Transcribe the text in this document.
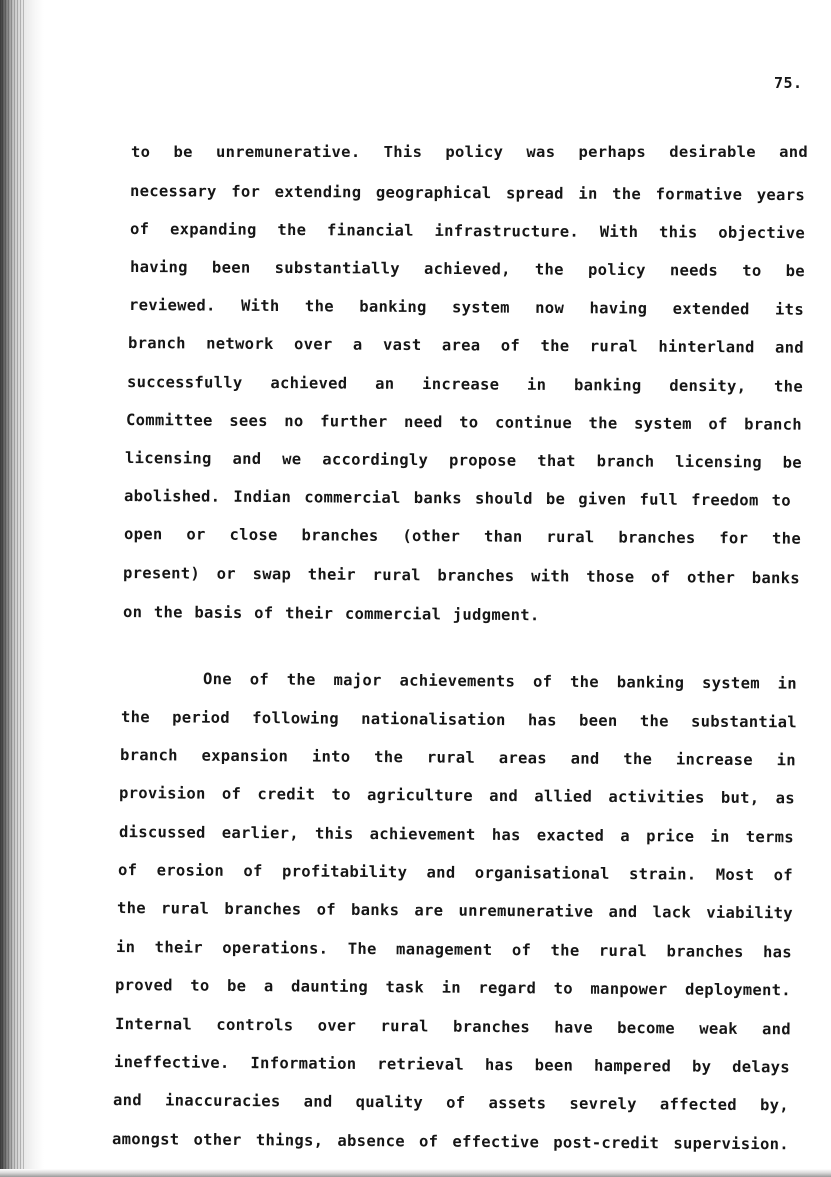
75.
to be unremunerative. This policy was perhaps desirable and
necessary for extending geographical spread in the formative years
of expanding the financial infrastructure. With this objective
having been substantially achieved, the policy needs to be
reviewed. With the banking system now having extended its
branch network over a vast area of the rural hinterland and
successfully achieved an increase in banking density, the
Committee sees no further need to continue the system of branch
licensing and we accordingly propose that branch licensing be
abolished. Indian commercial banks should be given full freedom to
open or close branches (other than rural branches for the
present) or swap their rural branches with those of other banks
on the basis of their commercial judgment.
One of the major achievements of the banking system in
the period following nationalisation has been the substantial
branch expansion into the rural areas and the increase in
provision of credit to agriculture and allied activities but, as
discussed earlier, this achievement has exacted a price in terms
of erosion of profitability and organisational strain. Most of
the rural branches of banks are unremunerative and lack viability
in their operations. The management of the rural branches has
proved to be a daunting task in regard to manpower deployment.
Internal controls over rural branches have become weak and
ineffective. Information retrieval has been hampered by delays
and inaccuracies and quality of assets sevrely affected by,
amongst other things, absence of effective post-credit supervision.
